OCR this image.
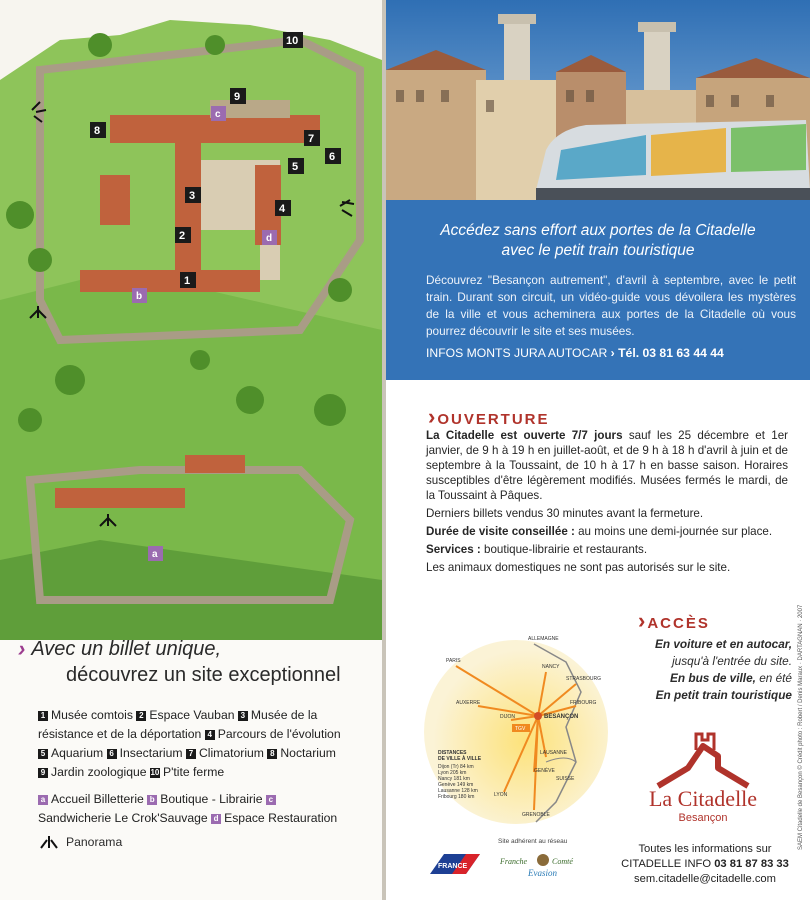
1
2
3
4
5
6
7
8
9
10
a
b
c
d
› Avec un billet unique,
découvrez un site exceptionnel
1 Musée comtois 2 Espace Vauban 3 Musée de la résistance et de la déportation 4 Parcours de l'évolution 5 Aquarium 6 Insectarium 7 Climatorium 8 Noctarium
9 Jardin zoologique 10 P'tite ferme
a Accueil Billetterie b Boutique - Librairie cSandwicherie Le Crok'Sauvage d Espace Restauration
Panorama
Accédez sans effort aux portes de la Citadelle
avec le petit train touristique
Découvrez "Besançon autrement", d'avril à septembre, avec le petit train. Durant son circuit, un vidéo-guide vous dévoilera les mystères de la ville et vous acheminera aux portes de la Citadelle où vous pourrez découvrir le site et ses musées.
INFOS MONTS JURA AUTOCAR › Tél. 03 81 63 44 44
›OUVERTURE

La Citadelle est ouverte 7/7 jours sauf les 25 décembre et 1er janvier, de 9 h à 19 h en juillet-août, et de 9 h à 18 h d'avril à juin et de septembre à la Toussaint, de 10 h à 17 h en basse saison. Horaires susceptibles d'être légèrement modifiés. Musées fermés le mardi, de la Toussaint à Pâques.

Derniers billets vendus 30 minutes avant la fermeture.

Durée de visite conseillée : au moins une demi-journée sur place.

Services : boutique-librairie et restaurants.

Les animaux domestiques ne sont pas autorisés sur le site.

TGV
ALLEMAGNE
SUISSE
BESANÇON
PARIS
NANCY
STRASBOURG
FRIBOURG
AUXERRE
DIJON
LAUSANNE
GENÈVE
LYON
GRENOBLE
DISTANCES
DE VILLE À VILLE
Dijon (Tr) 84 km
Lyon 205 km
Nancy 181 km
Genève 149 km
Lausanne 128 km
Fribourg 180 km
›ACCÈS
En voiture et en autocar,
jusqu'à l'entrée du site.
En bus de ville, en été
En petit train touristique
La Citadelle
Besançon
Toutes les informations sur
CITADELLE INFO 03 81 87 83 33
sem.citadelle@citadelle.com
Site adhérent au réseau
FRANCE
Franche	Comté
Evasion
SAEM Citadelle de Besançon © Crédit photo : Robert / Denis Maraux · DARTAGNAN · 2007
